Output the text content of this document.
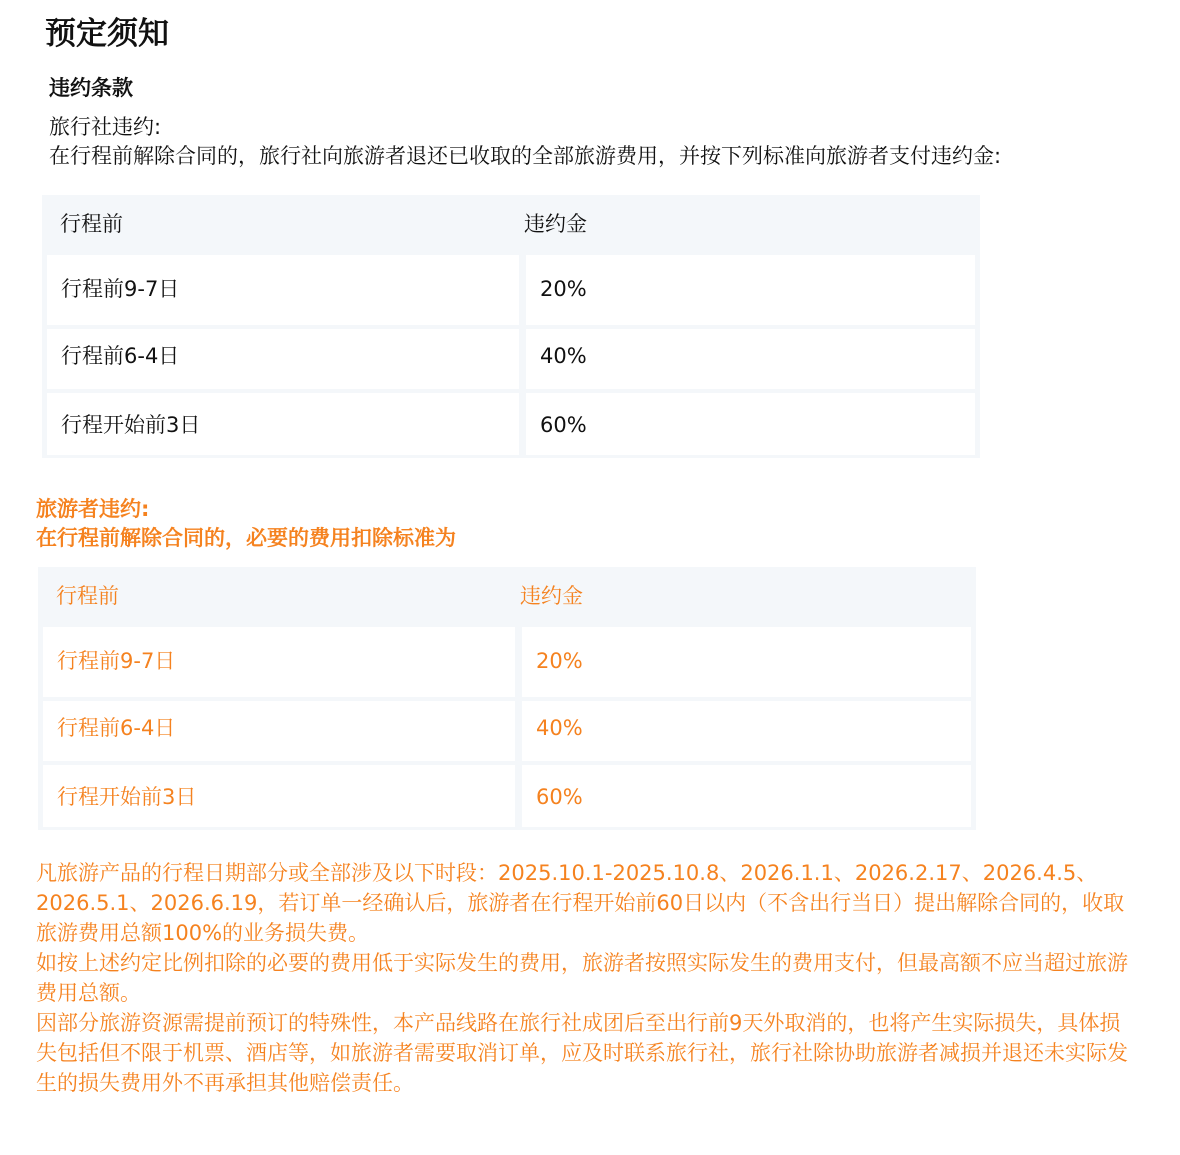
预定须知
违约条款
旅行社违约:
在行程前解除合同的，旅行社向旅游者退还已收取的全部旅游费用，并按下列标准向旅游者支付违约金:
行程前	违约金
行程前9-7日	20%
行程前6-4日	40%
行程开始前3日	60%
旅游者违约:
在行程前解除合同的，必要的费用扣除标准为
行程前	违约金
行程前9-7日	20%
行程前6-4日	40%
行程开始前3日	60%

凡旅游产品的行程日期部分或全部涉及以下时段：2025.10.1-2025.10.8、2026.1.1、2026.2.17、2026.4.5、2026.5.1、2026.6.19，若订单一经确认后，旅游者在行程开始前60日以内（不含出行当日）提出解除合同的，收取旅游费用总额100%的业务损失费。

如按上述约定比例扣除的必要的费用低于实际发生的费用，旅游者按照实际发生的费用支付，但最高额不应当超过旅游费用总额。

因部分旅游资源需提前预订的特殊性，本产品线路在旅行社成团后至出行前9天外取消的，也将产生实际损失，具体损失包括但不限于机票、酒店等，如旅游者需要取消订单，应及时联系旅行社，旅行社除协助旅游者减损并退还未实际发生的损失费用外不再承担其他赔偿责任。
